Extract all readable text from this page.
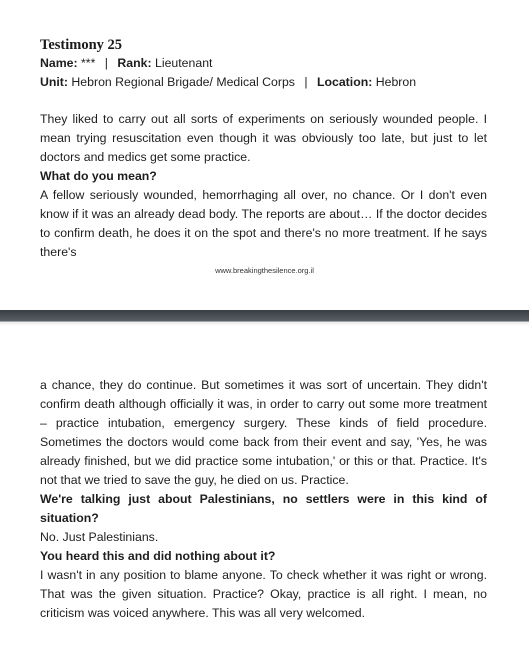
Testimony 25
Name: *** | Rank: Lieutenant
Unit: Hebron Regional Brigade/ Medical Corps | Location: Hebron

They liked to carry out all sorts of experiments on seriously wounded people. I mean trying resuscitation even though it was obviously too late, but just to let doctors and medics get some practice.

What do you mean?

A fellow seriously wounded, hemorrhaging all over, no chance. Or I don't even know if it was an already dead body. The reports are about… If the doctor decides to confirm death, he does it on the spot and there's no more treatment. If he says there's

www.breakingthesilence.org.il

a chance, they do continue. But sometimes it was sort of uncertain. They didn't confirm death although officially it was, in order to carry out some more treatment – practice intubation, emergency surgery. These kinds of field procedure. Sometimes the doctors would come back from their event and say, 'Yes, he was already finished, but we did practice some intubation,' or this or that. Practice. It's not that we tried to save the guy, he died on us. Practice.

We're talking just about Palestinians, no settlers were in this kind of situation?

No. Just Palestinians.

You heard this and did nothing about it?

I wasn't in any position to blame anyone. To check whether it was right or wrong. That was the given situation. Practice? Okay, practice is all right. I mean, no criticism was voiced anywhere. This was all very welcomed.
